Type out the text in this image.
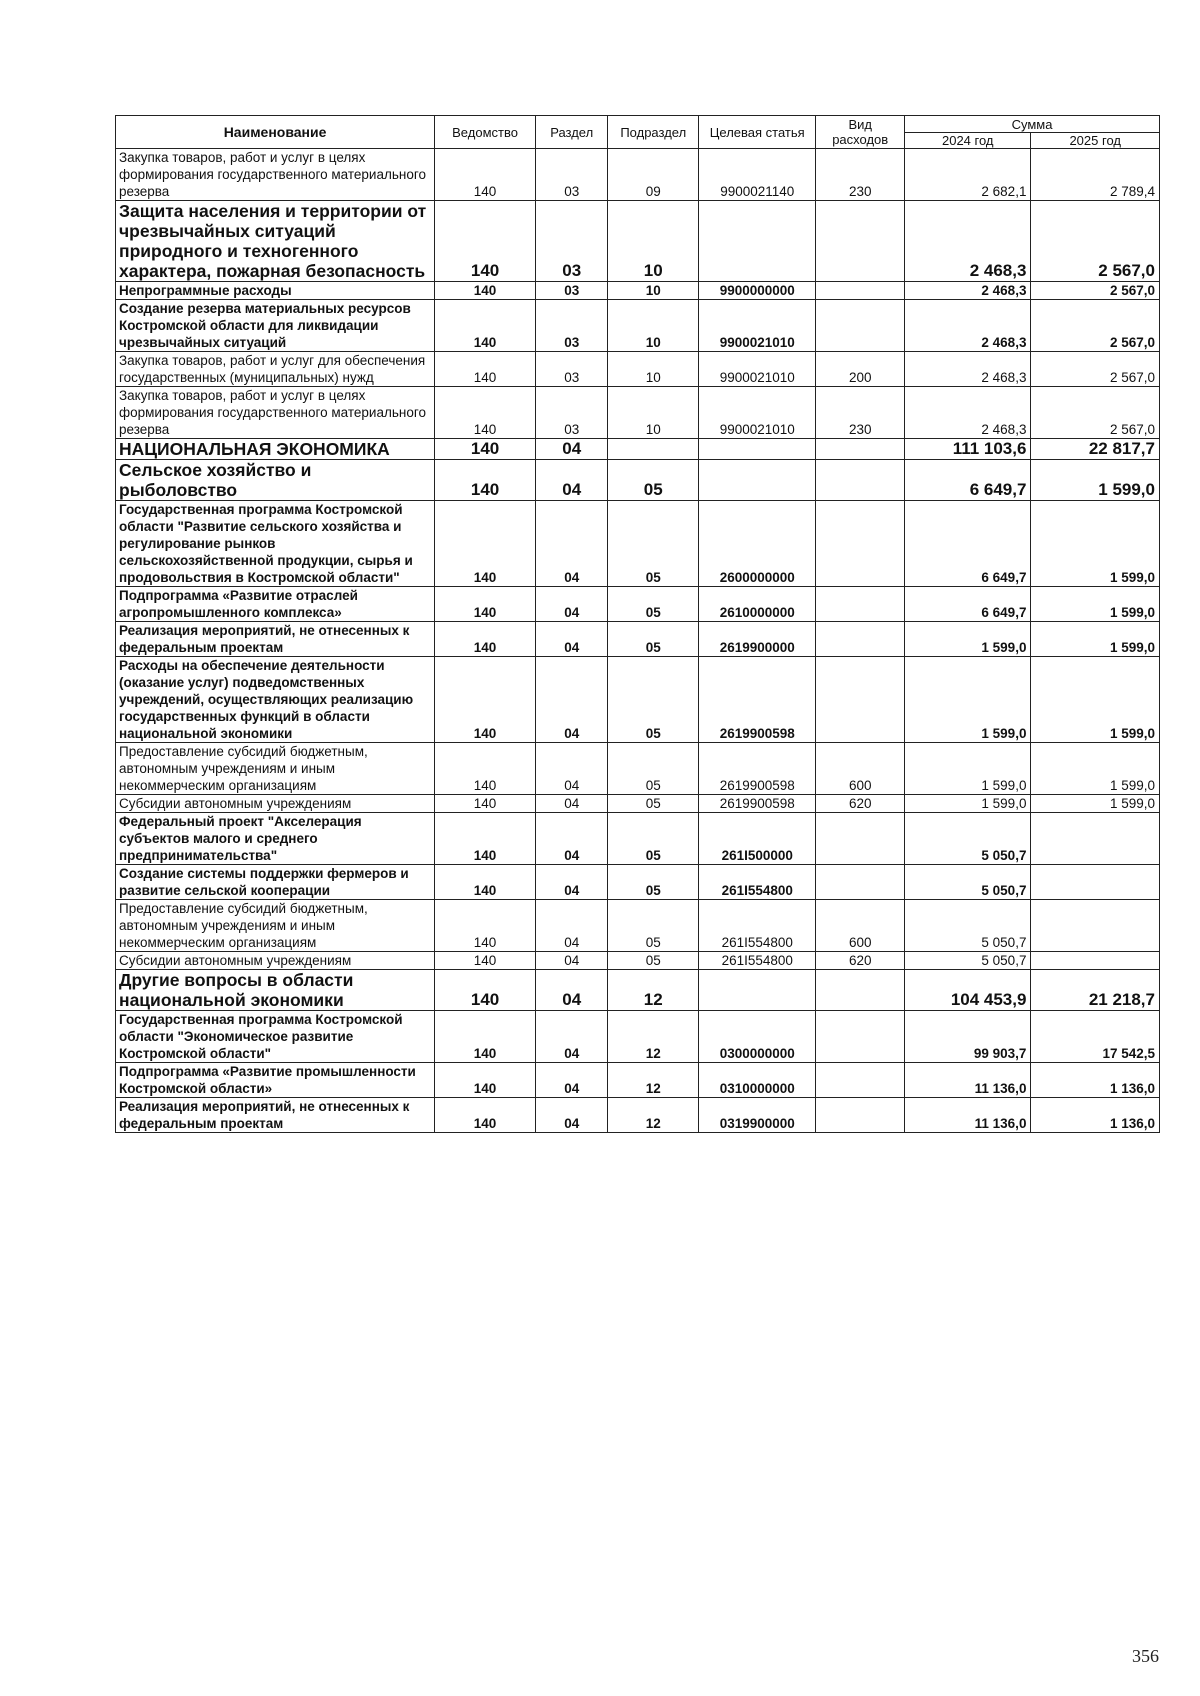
Наименование	Ведомство	Раздел	Подраздел	Целевая статья	Вид расходов	Сумма	
						2024 год	2025 год
Закупка товаров, работ и услуг в целях формирования государственного материального резерва	140	03	09	9900021140	230	2 682,1	2 789,4
Защита населения и территории от чрезвычайных ситуаций природного и техногенного характера, пожарная безопасность	140	03	10			2 468,3	2 567,0
Непрограммные расходы	140	03	10	9900000000		2 468,3	2 567,0
Создание резерва материальных ресурсов Костромской области для ликвидации чрезвычайных ситуаций	140	03	10	9900021010		2 468,3	2 567,0
Закупка товаров, работ и услуг для обеспечения государственных (муниципальных) нужд	140	03	10	9900021010	200	2 468,3	2 567,0
Закупка товаров, работ и услуг в целях формирования государственного материального резерва	140	03	10	9900021010	230	2 468,3	2 567,0
НАЦИОНАЛЬНАЯ ЭКОНОМИКА	140	04				111 103,6	22 817,7
Сельское хозяйство и рыболовство	140	04	05			6 649,7	1 599,0
Государственная программа Костромской области "Развитие сельского хозяйства и регулирование рынков сельскохозяйственной продукции, сырья и продовольствия в Костромской области"	140	04	05	2600000000		6 649,7	1 599,0
Подпрограмма «Развитие отраслей агропромышленного комплекса»	140	04	05	2610000000		6 649,7	1 599,0
Реализация мероприятий, не отнесенных к федеральным проектам	140	04	05	2619900000		1 599,0	1 599,0
Расходы на обеспечение деятельности (оказание услуг) подведомственных учреждений, осуществляющих реализацию государственных функций в области национальной экономики	140	04	05	2619900598		1 599,0	1 599,0
Предоставление субсидий бюджетным, автономным учреждениям и иным некоммерческим организациям	140	04	05	2619900598	600	1 599,0	1 599,0
Субсидии автономным учреждениям	140	04	05	2619900598	620	1 599,0	1 599,0
Федеральный проект "Акселерация субъектов малого и среднего предпринимательства"	140	04	05	261I500000		5 050,7	
Создание системы поддержки фермеров и развитие сельской кооперации	140	04	05	261I554800		5 050,7	
Предоставление субсидий бюджетным, автономным учреждениям и иным некоммерческим организациям	140	04	05	261I554800	600	5 050,7	
Субсидии автономным учреждениям	140	04	05	261I554800	620	5 050,7	
Другие вопросы в области национальной экономики	140	04	12			104 453,9	21 218,7
Государственная программа Костромской области "Экономическое развитие Костромской области"	140	04	12	0300000000		99 903,7	17 542,5
Подпрограмма «Развитие промышленности Костромской области»	140	04	12	0310000000		11 136,0	1 136,0
Реализация мероприятий, не отнесенных к федеральным проектам	140	04	12	0319900000		11 136,0	1 136,0
356
